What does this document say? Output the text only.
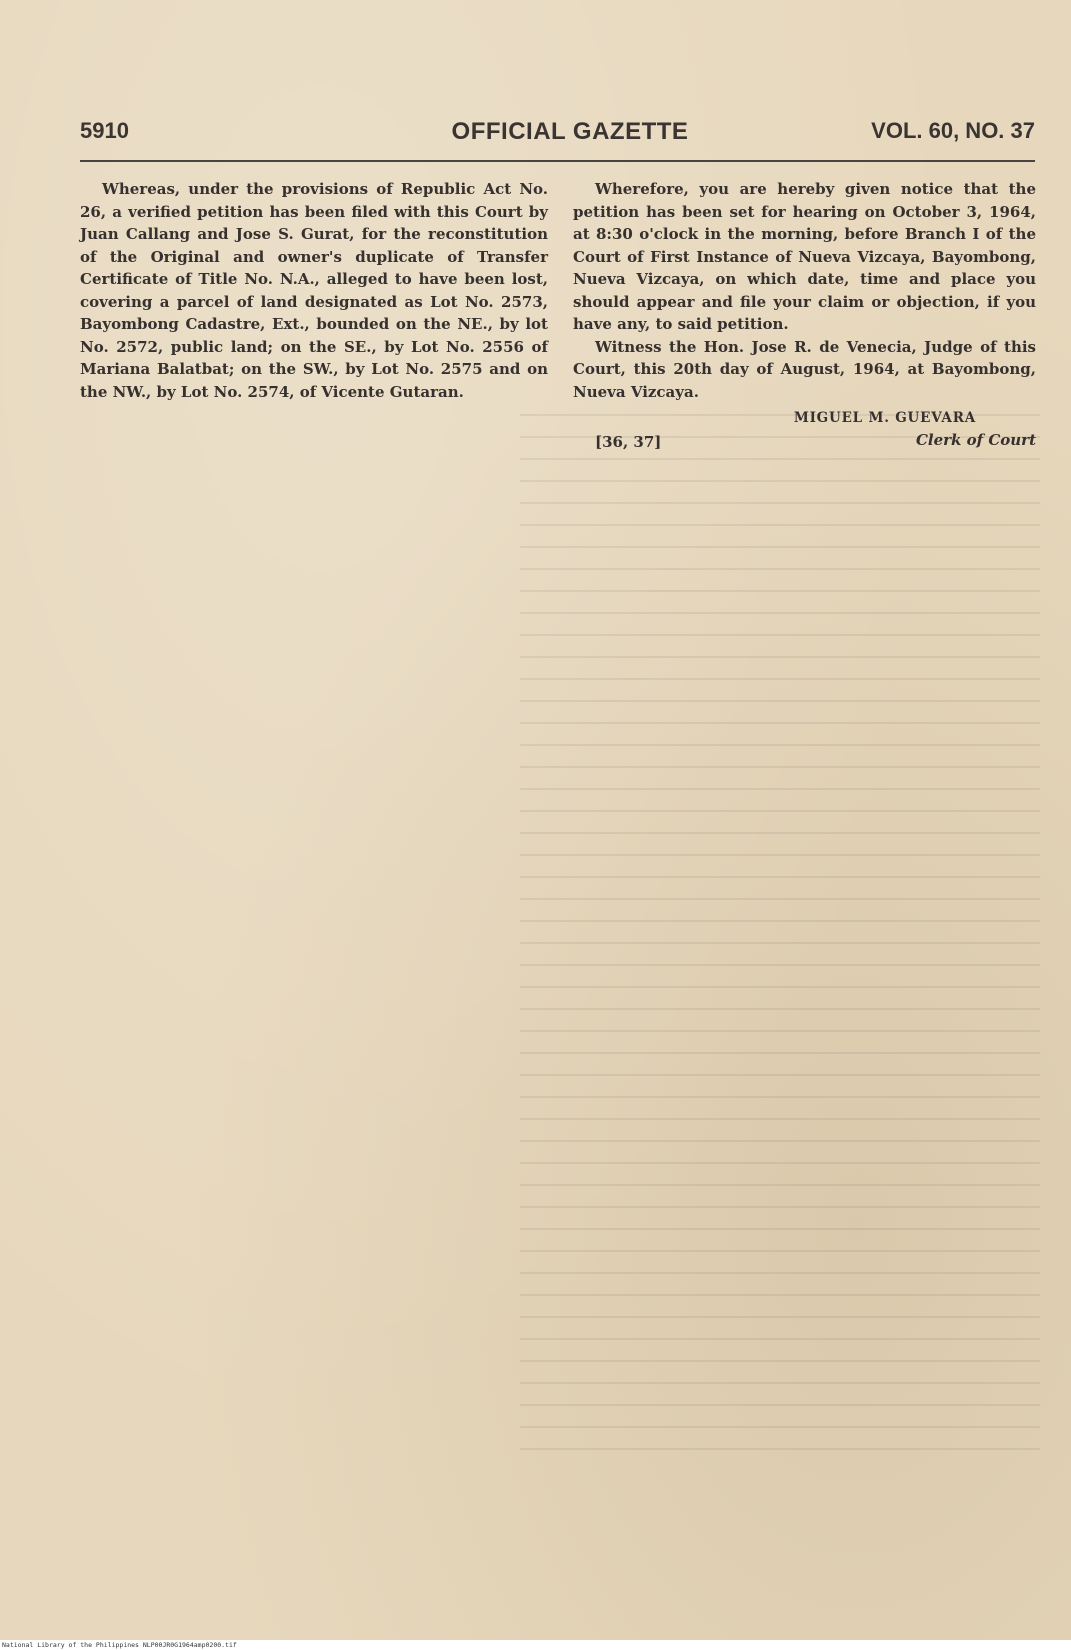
5910	OFFICIAL GAZETTE	VOL. 60, NO. 37

Whereas, under the provisions of Republic Act No. 26, a verified petition has been filed with this Court by Juan Callang and Jose S. Gurat, for the reconstitution of the Original and owner's duplicate of Transfer Certificate of Title No. N.A., alleged to have been lost, covering a parcel of land designated as Lot No. 2573, Bayombong Cadastre, Ext., bounded on the NE., by lot No. 2572, public land; on the SE., by Lot No. 2556 of Mariana Balatbat; on the SW., by Lot No. 2575 and on the NW., by Lot No. 2574, of Vicente Gutaran.

Wherefore, you are hereby given notice that the petition has been set for hearing on October 3, 1964, at 8:30 o'clock in the morning, before Branch I of the Court of First Instance of Nueva Vizcaya, Bayombong, Nueva Vizcaya, on which date, time and place you should appear and file your claim or objection, if you have any, to said petition.

Witness the Hon. Jose R. de Venecia, Judge of this Court, this 20th day of August, 1964, at Bayombong, Nueva Vizcaya.

MIGUEL M. GUEVARA
[36, 37]	Clerk of Court
National Library of the Philippines NLP00JR0G1964amp0200.tif
